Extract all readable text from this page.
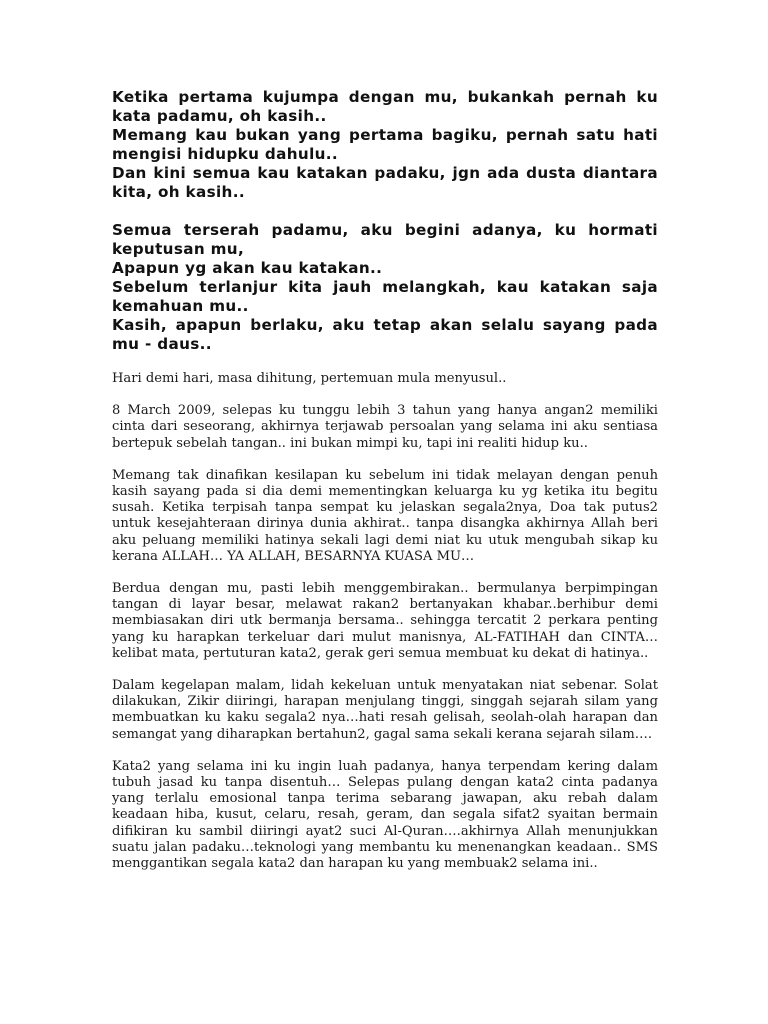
Ketika pertama kujumpa dengan mu, bukankah pernah ku kata padamu, oh kasih..

Memang kau bukan yang pertama bagiku, pernah satu hati mengisi hidupku dahulu..

Dan kini semua kau katakan padaku, jgn ada dusta diantara kita, oh kasih..

Semua terserah padamu, aku begini adanya, ku hormati keputusan mu,

Apapun yg akan kau katakan..

Sebelum terlanjur kita jauh melangkah, kau katakan saja kemahuan mu..

Kasih, apapun berlaku, aku tetap akan selalu sayang pada mu - daus..

Hari demi hari, masa dihitung, pertemuan mula menyusul..

8 March 2009, selepas ku tunggu lebih 3 tahun yang hanya angan2 memiliki cinta dari seseorang, akhirnya terjawab persoalan yang selama ini aku sentiasa bertepuk sebelah tangan.. ini bukan mimpi ku, tapi ini realiti hidup ku..

Memang tak dinafikan kesilapan ku sebelum ini tidak melayan dengan penuh kasih sayang pada si dia demi mementingkan keluarga ku yg ketika itu begitu susah. Ketika terpisah tanpa sempat ku jelaskan segala2nya, Doa tak putus2 untuk kesejahteraan dirinya dunia akhirat.. tanpa disangka akhirnya Allah beri aku peluang memiliki hatinya sekali lagi demi niat ku utuk mengubah sikap ku kerana ALLAH… YA ALLAH, BESARNYA KUASA MU…

Berdua dengan mu, pasti lebih menggembirakan.. bermulanya berpimpingan tangan di layar besar, melawat rakan2 bertanyakan khabar..berhibur demi membiasakan diri utk bermanja bersama.. sehingga tercatit 2 perkara penting yang ku harapkan terkeluar dari mulut manisnya, AL-FATIHAH dan CINTA… kelibat mata, pertuturan kata2, gerak geri semua membuat ku dekat di hatinya..

Dalam kegelapan malam, lidah kekeluan untuk menyatakan niat sebenar. Solat dilakukan, Zikir diiringi, harapan menjulang tinggi, singgah sejarah silam yang membuatkan ku kaku segala2 nya…hati resah gelisah, seolah-olah harapan dan semangat yang diharapkan bertahun2, gagal sama sekali kerana sejarah silam….

Kata2 yang selama ini ku ingin luah padanya, hanya terpendam kering dalam tubuh jasad ku tanpa disentuh… Selepas pulang dengan kata2 cinta padanya yang terlalu emosional tanpa terima sebarang jawapan, aku rebah dalam keadaan hiba, kusut, celaru, resah, geram, dan segala sifat2 syaitan bermain difikiran ku sambil diiringi ayat2 suci Al-Quran….akhirnya Allah menunjukkan suatu jalan padaku…teknologi yang membantu ku menenangkan keadaan.. SMS menggantikan segala kata2 dan harapan ku yang membuak2 selama ini..
